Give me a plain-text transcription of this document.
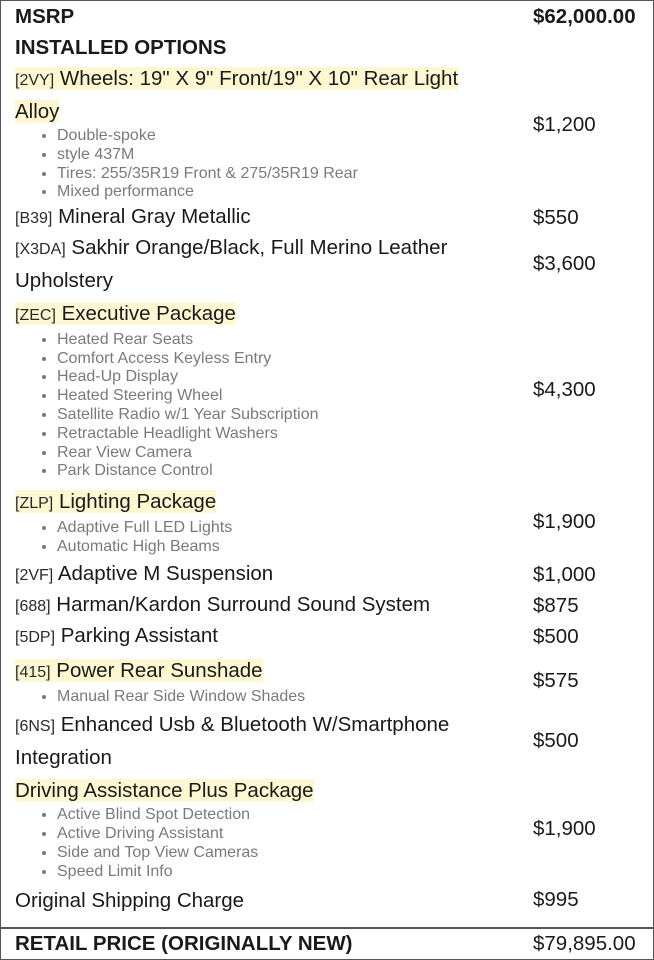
MSRP	$62,000.00
INSTALLED OPTIONS
[2VY] Wheels: 19" X 9" Front/19" X 10" Rear Light
Alloy
• Double-spoke
• style 437M
• Tires: 255/35R19 Front & 275/35R19 Rear
• Mixed performance
$1,200
[B39] Mineral Gray Metallic	$550
[X3DA] Sakhir Orange/Black, Full Merino Leather
Upholstery
$3,600
[ZEC] Executive Package
• Heated Rear Seats
• Comfort Access Keyless Entry
• Head-Up Display
• Heated Steering Wheel
• Satellite Radio w/1 Year Subscription
• Retractable Headlight Washers
• Rear View Camera
• Park Distance Control
$4,300
[ZLP] Lighting Package
• Adaptive Full LED Lights
• Automatic High Beams
$1,900
[2VF] Adaptive M Suspension	$1,000
[688] Harman/Kardon Surround Sound System	$875
[5DP] Parking Assistant	$500
[415] Power Rear Sunshade
• Manual Rear Side Window Shades
$575
[6NS] Enhanced Usb & Bluetooth W/Smartphone
Integration
$500
Driving Assistance Plus Package
• Active Blind Spot Detection
• Active Driving Assistant
• Side and Top View Cameras
• Speed Limit Info
$1,900
Original Shipping Charge	$995
RETAIL PRICE (ORIGINALLY NEW)	$79,895.00
